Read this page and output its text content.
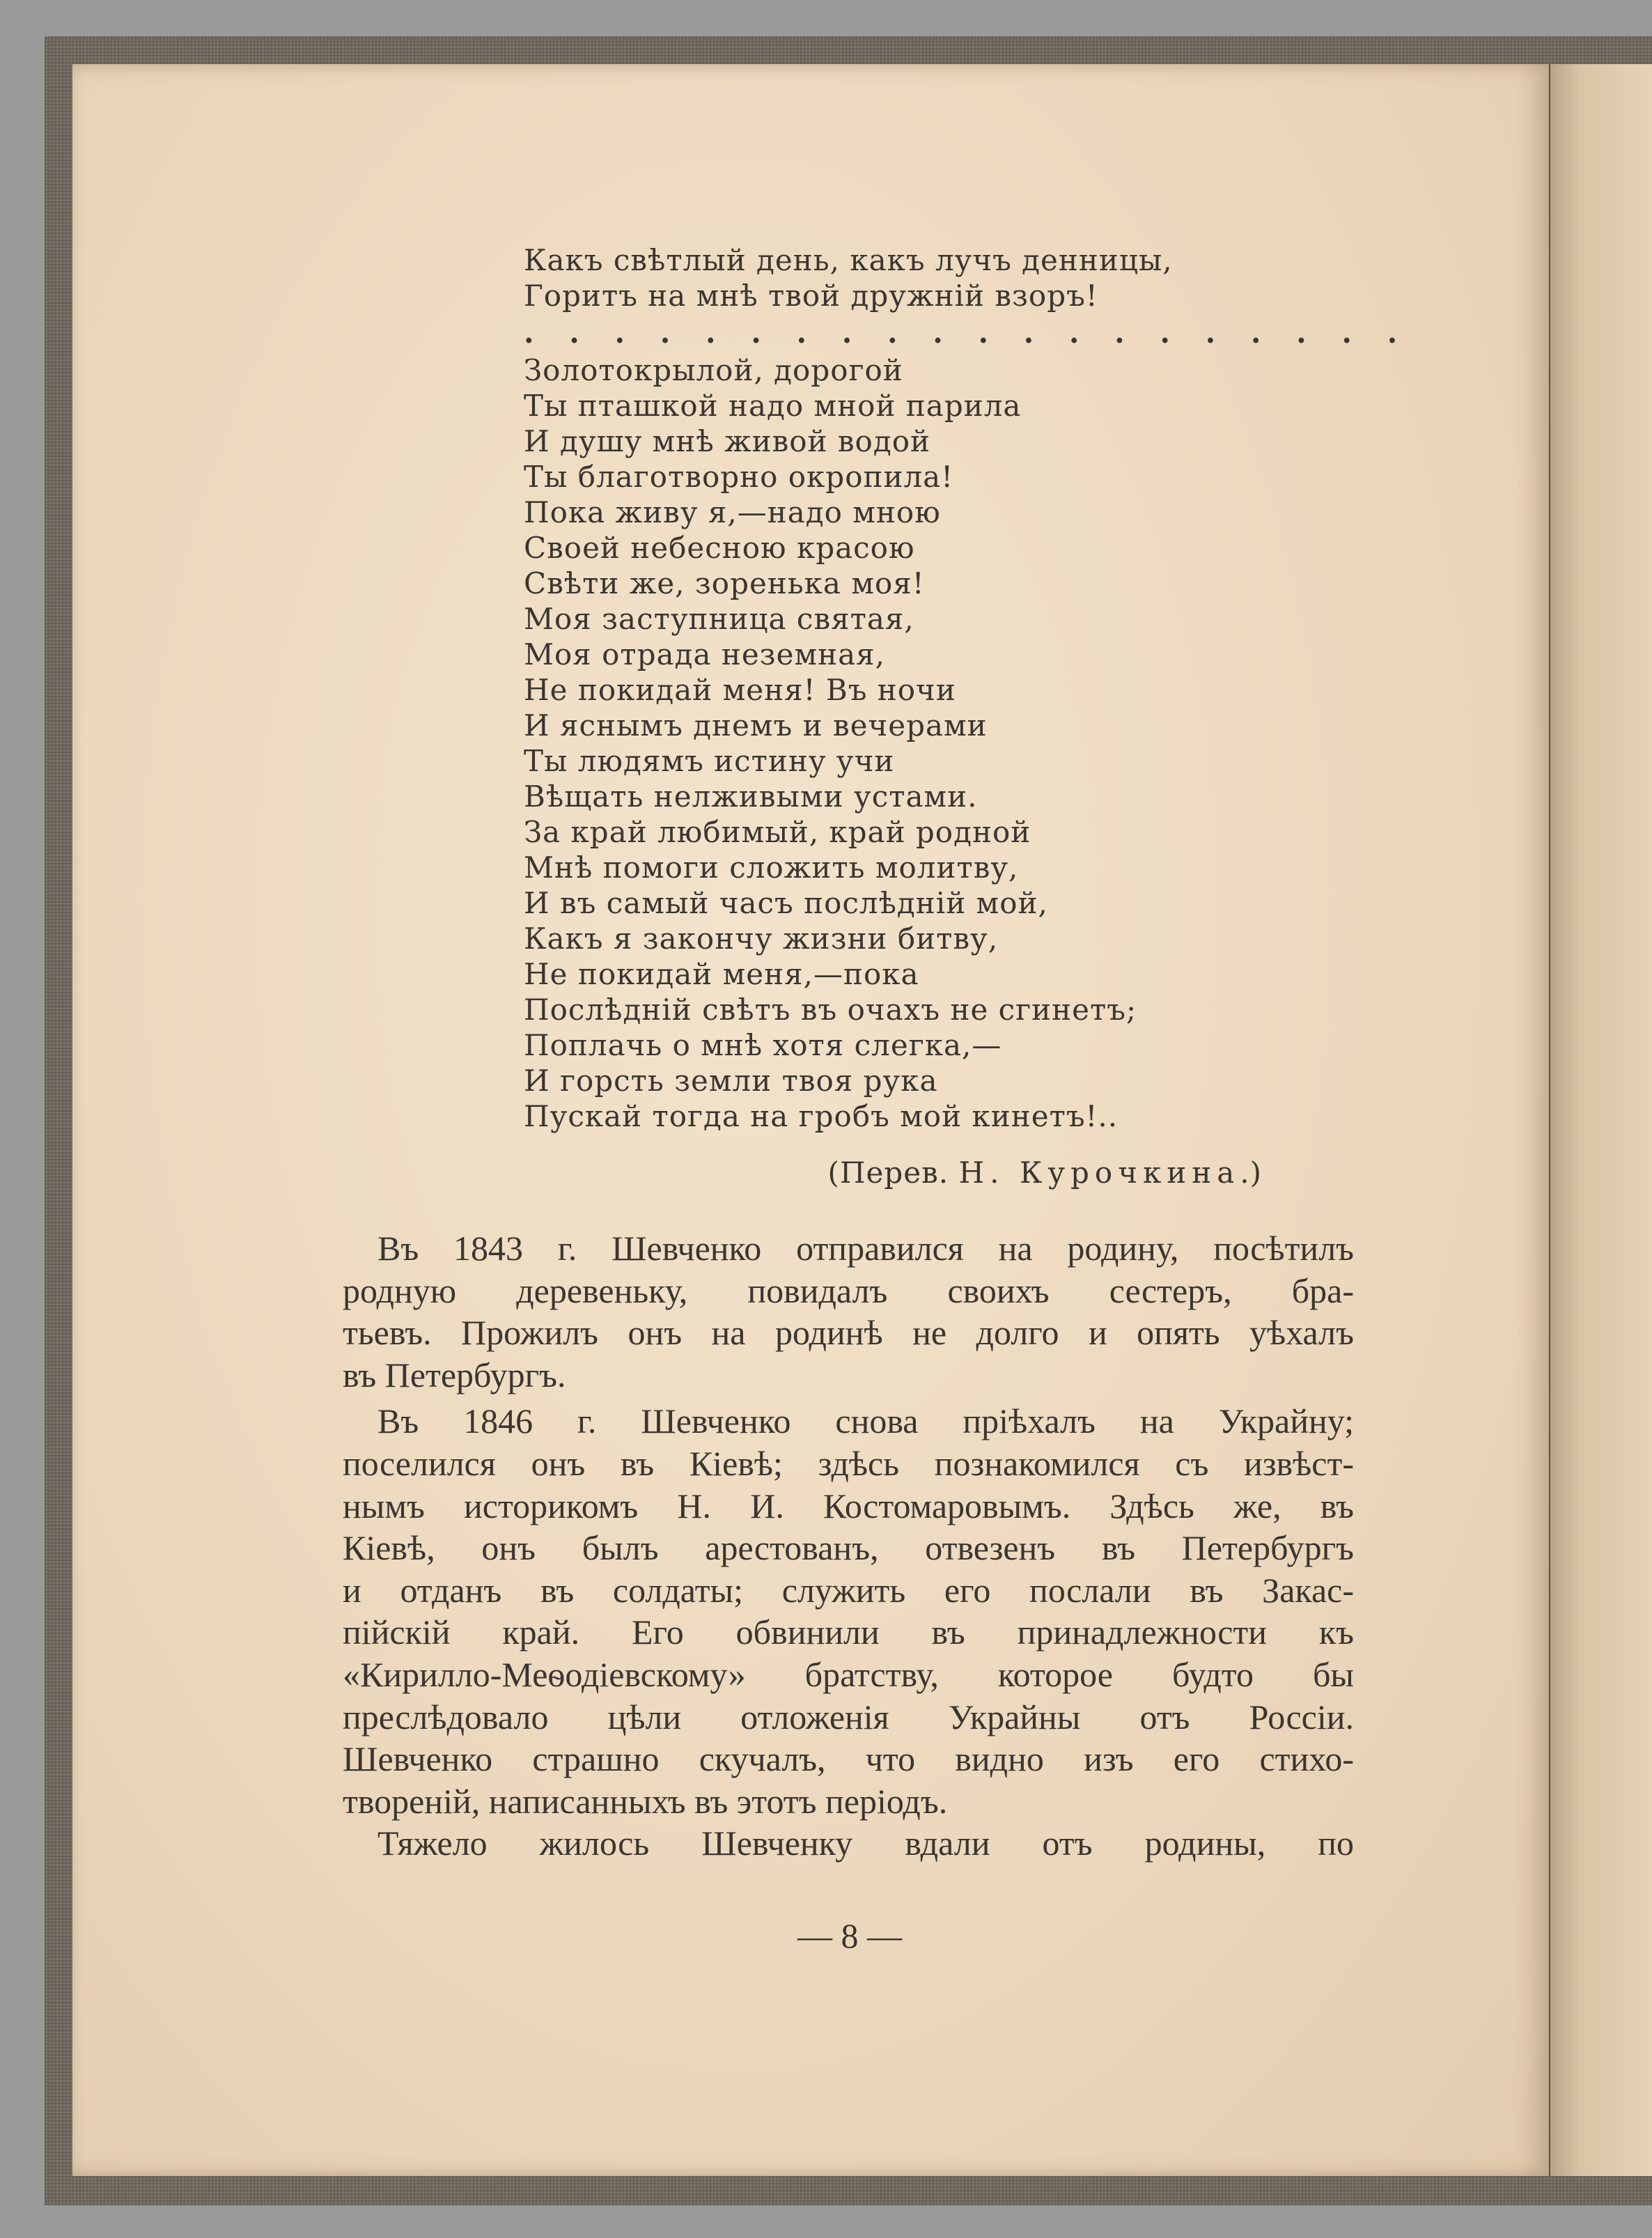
Какъ свѣтлый день, какъ лучъ денницы,
Горитъ на мнѣ твой дружній взоръ!
. . . . . . . . . . . . . . . . . . . .
Золотокрылой, дорогой
Ты пташкой надо мной парила
И душу мнѣ живой водой
Ты благотворно окропила!
Пока живу я,—надо мною
Своей небесною красою
Свѣти же, зоренька моя!
Моя заступница святая,
Моя отрада неземная,
Не покидай меня! Въ ночи
И яснымъ днемъ и вечерами
Ты людямъ истину учи
Вѣщать нелживыми устами.
За край любимый, край родной
Мнѣ помоги сложить молитву,
И въ самый часъ послѣдній мой,
Какъ я закончу жизни битву,
Не покидай меня,—пока
Послѣдній свѣтъ въ очахъ не сгинетъ;
Поплачь о мнѣ хотя слегка,—
И горсть земли твоя рука
Пускай тогда на гробъ мой кинетъ!..
(Перев. Н. Курочкина.)
Въ 1843 г. Шевченко отправился на родину, посѣтилъ
родную деревеньку, повидалъ своихъ сестеръ, бра-
тьевъ. Прожилъ онъ на родинѣ не долго и опять уѣхалъ
въ Петербургъ.
Въ 1846 г. Шевченко снова пріѣхалъ на Украйну;
поселился онъ въ Кіевѣ; здѣсь познакомился съ извѣст-
нымъ историкомъ Н. И. Костомаровымъ. Здѣсь же, въ
Кіевѣ, онъ былъ арестованъ, отвезенъ въ Петербургъ
и отданъ въ солдаты; служить его послали въ Закас-
пійскій край. Его обвинили въ принадлежности къ
«Кирилло-Меѳодіевскому» братству, которое будто бы
преслѣдовало цѣли отложенія Украйны отъ Россіи.
Шевченко страшно скучалъ, что видно изъ его стихо-
твореній, написанныхъ въ этотъ періодъ.
Тяжело жилось Шевченку вдали отъ родины, по
— 8 —
